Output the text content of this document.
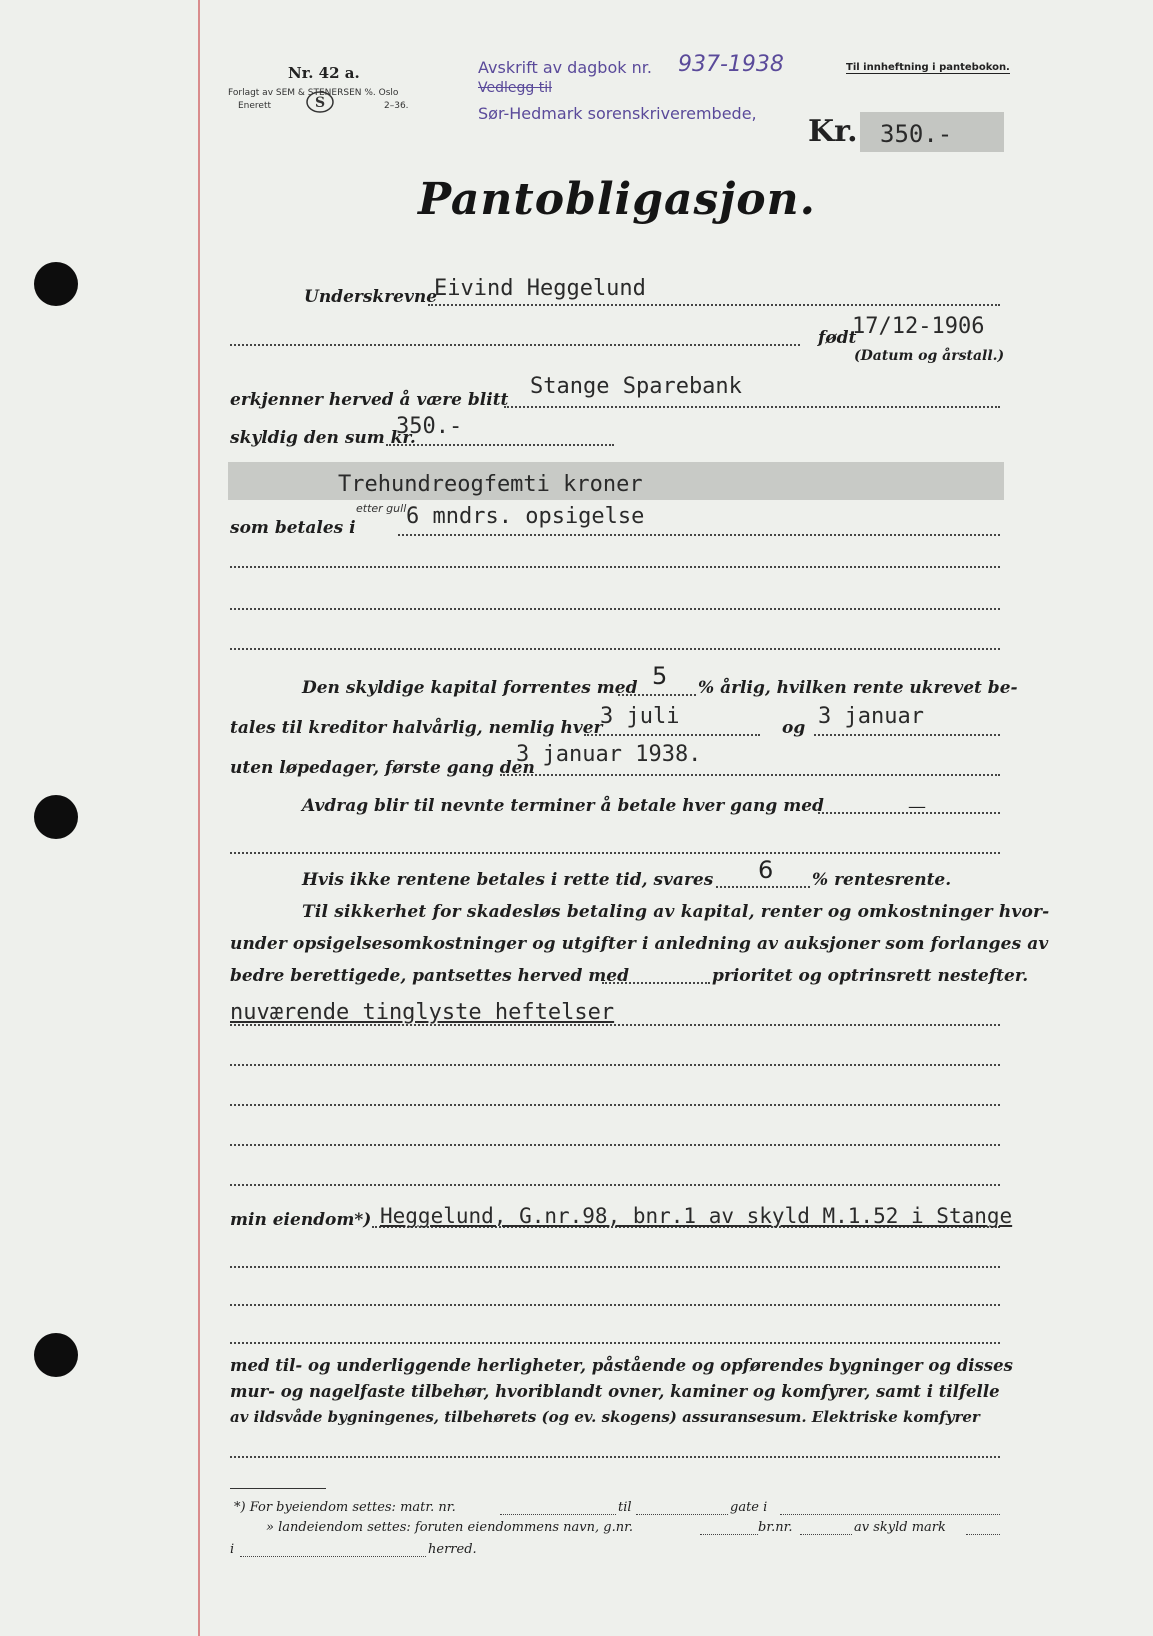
Nr. 42 a.
Forlagt av SEM & STENERSEN %. Oslo
Enerett	S	2–36.
Avskrift av dagbok nr. 937-1938
Vedlegg til
Sør-Hedmark sorenskriverembede,
Til innheftning i pantebokon.
Kr. 350.-
Pantobligasjon.
Underskrevne
Eivind Heggelund
født
17/12-1906
(Datum og årstall.)
erkjenner herved å være blitt
Stange Sparebank
skyldig den sum kr.
350.-
Trehundreogfemti kroner
som betales i
etter gull 6 mndrs. opsigelse
Den skyldige kapital forrentes med 5 % årlig, hvilken rente ukrevet be-
tales til kreditor halvårlig, nemlig hver
3 juli	og 3 januar
uten løpedager, første gang den
3 januar 1938.
Avdrag blir til nevnte terminer å betale hver gang med	—
Hvis ikke rentene betales i rette tid, svares 6 % rentesrente.
Til sikkerhet for skadesløs betaling av kapital, renter og omkostninger hvor-
under opsigelsesomkostninger og utgifter i anledning av auksjoner som forlanges av
bedre berettigede, pantsettes herved med	prioritet og optrinsrett nestefter.
nuværende tinglyste heftelser
min eiendom*) Heggelund, G.nr.98, bnr.1 av skyld M.1.52 i Stange
med til- og underliggende herligheter, påstående og opførendes bygninger og disses
mur- og nagelfaste tilbehør, hvoriblandt ovner, kaminer og komfyrer, samt i tilfelle
av ildsvåde bygningenes, tilbehørets (og ev. skogens) assuransesum. Elektriske komfyrer
*) For byeiendom settes: matr. nr.	til	gate i
» landeiendom settes: foruten eiendommens navn, g.nr.	br.nr.	av skyld mark
i	herred.
